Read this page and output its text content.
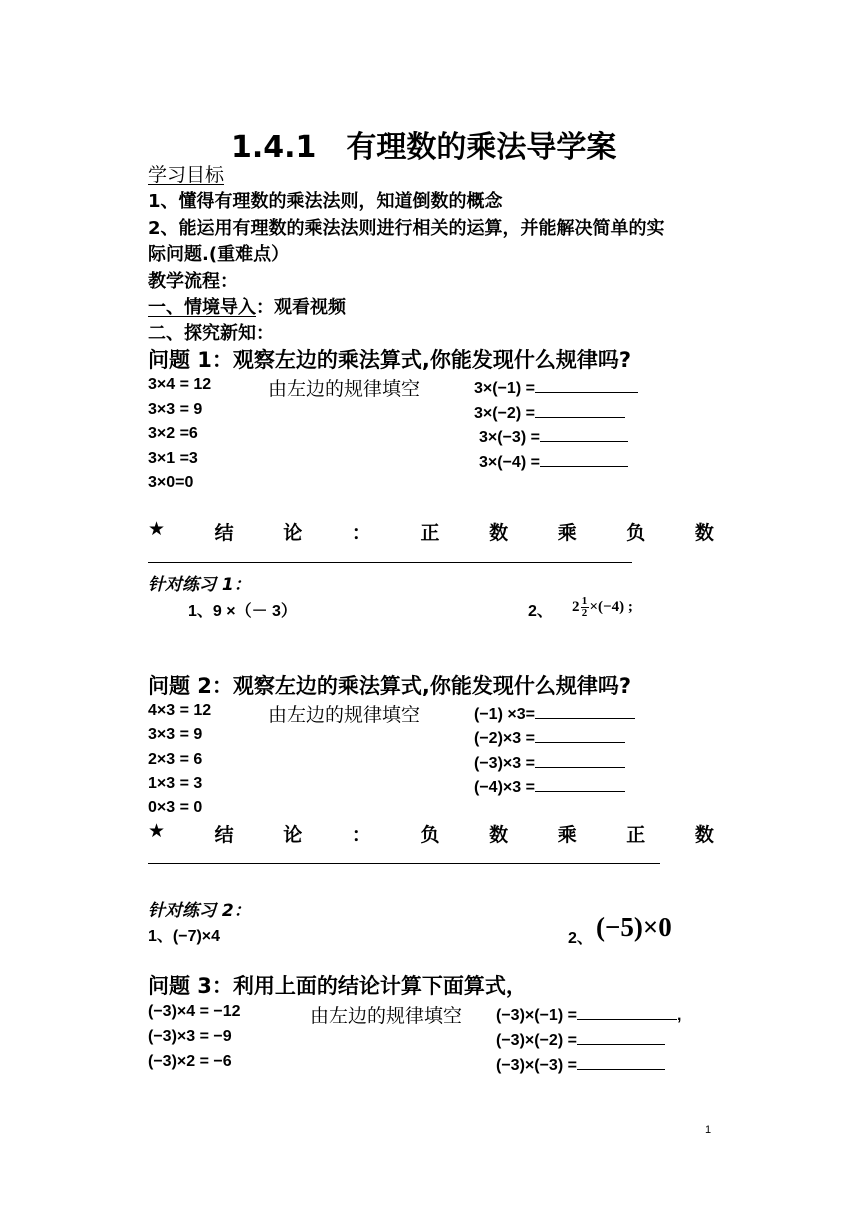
1.4.1　有理数的乘法导学案
学习目标
1、懂得有理数的乘法法则，知道倒数的概念
2、能运用有理数的乘法法则进行相关的运算，并能解决简单的实
际问题.(重难点）
教学流程：
一、情境导入：观看视频
二、探究新知：
问题 1：观察左边的乘法算式,你能发现什么规律吗?
3×4 = 12
3×3 = 9
3×2 =6
3×1 =3
3×0=0
由左边的规律填空	3×(−1) =
3×(−2) =
3×(−3) =
3×(−4) =
★	结	论	：	正	数	乘	负	数
针对练习 1：
1、9 ×（－ 3）	2、 $2 \frac{1}{2} \times(-4)$ ;
问题 2：观察左边的乘法算式,你能发现什么规律吗?
4×3 = 12
3×3 = 9
2×3 = 6
1×3 = 3
0×3 = 0
由左边的规律填空	(−1) ×3=
(−2)×3 =
(−3)×3 =
(−4)×3 =
★	结	论	：	负	数	乘	正	数
针对练习 2：
1、(−7)×4	2、 (−5)×0
问题 3：利用上面的结论计算下面算式，
(−3)×4 = −12
(−3)×3 = −9
(−3)×2 = −6
由左边的规律填空 (−3)×(−1) =	,
(−3)×(−2) =
(−3)×(−3) =
1
